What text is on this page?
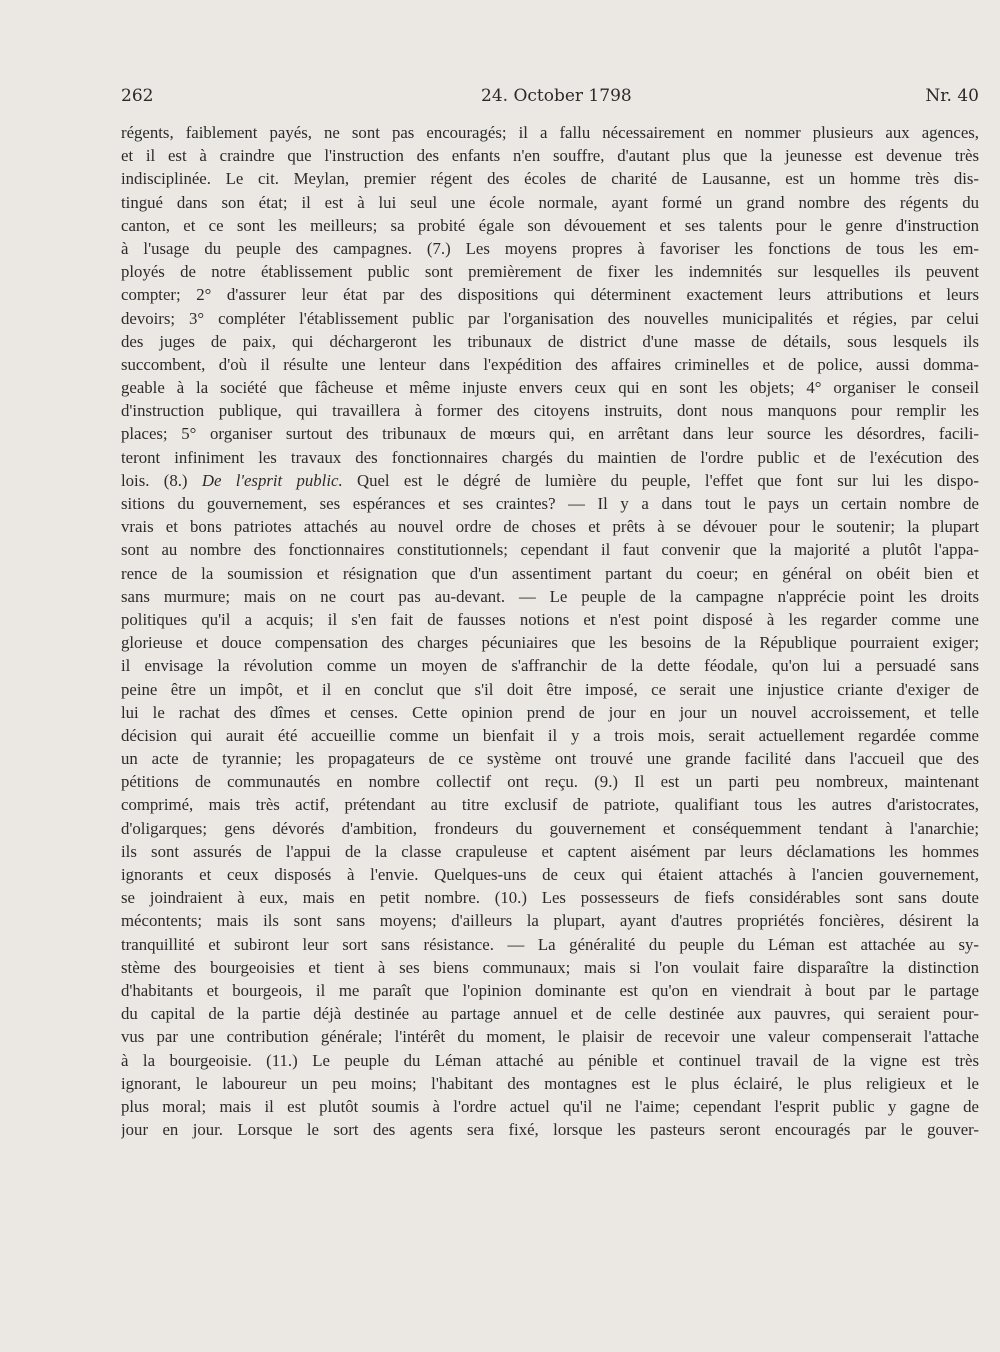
262	24. October 1798	Nr. 40
régents, faiblement payés, ne sont pas encouragés; il a fallu nécessairement en nommer plusieurs aux agences,
et il est à craindre que l'instruction des enfants n'en souffre, d'autant plus que la jeunesse est devenue très
indisciplinée. Le cit. Meylan, premier régent des écoles de charité de Lausanne, est un homme très dis-
tingué dans son état; il est à lui seul une école normale, ayant formé un grand nombre des régents du
canton, et ce sont les meilleurs; sa probité égale son dévouement et ses talents pour le genre d'instruction
à l'usage du peuple des campagnes. (7.) Les moyens propres à favoriser les fonctions de tous les em-
ployés de notre établissement public sont premièrement de fixer les indemnités sur lesquelles ils peuvent
compter; 2° d'assurer leur état par des dispositions qui déterminent exactement leurs attributions et leurs
devoirs; 3° compléter l'établissement public par l'organisation des nouvelles municipalités et régies, par celui
des juges de paix, qui déchargeront les tribunaux de district d'une masse de détails, sous lesquels ils
succombent, d'où il résulte une lenteur dans l'expédition des affaires criminelles et de police, aussi domma-
geable à la société que fâcheuse et même injuste envers ceux qui en sont les objets; 4° organiser le conseil
d'instruction publique, qui travaillera à former des citoyens instruits, dont nous manquons pour remplir les
places; 5° organiser surtout des tribunaux de mœurs qui, en arrêtant dans leur source les désordres, facili-
teront infiniment les travaux des fonctionnaires chargés du maintien de l'ordre public et de l'exécution des
lois. (8.) De l'esprit public. Quel est le dégré de lumière du peuple, l'effet que font sur lui les dispo-
sitions du gouvernement, ses espérances et ses craintes? — Il y a dans tout le pays un certain nombre de
vrais et bons patriotes attachés au nouvel ordre de choses et prêts à se dévouer pour le soutenir; la plupart
sont au nombre des fonctionnaires constitutionnels; cependant il faut convenir que la majorité a plutôt l'appa-
rence de la soumission et résignation que d'un assentiment partant du coeur; en général on obéit bien et
sans murmure; mais on ne court pas au-devant. — Le peuple de la campagne n'apprécie point les droits
politiques qu'il a acquis; il s'en fait de fausses notions et n'est point disposé à les regarder comme une
glorieuse et douce compensation des charges pécuniaires que les besoins de la République pourraient exiger;
il envisage la révolution comme un moyen de s'affranchir de la dette féodale, qu'on lui a persuadé sans
peine être un impôt, et il en conclut que s'il doit être imposé, ce serait une injustice criante d'exiger de
lui le rachat des dîmes et censes. Cette opinion prend de jour en jour un nouvel accroissement, et telle
décision qui aurait été accueillie comme un bienfait il y a trois mois, serait actuellement regardée comme
un acte de tyrannie; les propagateurs de ce système ont trouvé une grande facilité dans l'accueil que des
pétitions de communautés en nombre collectif ont reçu. (9.) Il est un parti peu nombreux, maintenant
comprimé, mais très actif, prétendant au titre exclusif de patriote, qualifiant tous les autres d'aristocrates,
d'oligarques; gens dévorés d'ambition, frondeurs du gouvernement et conséquemment tendant à l'anarchie;
ils sont assurés de l'appui de la classe crapuleuse et captent aisément par leurs déclamations les hommes
ignorants et ceux disposés à l'envie. Quelques-uns de ceux qui étaient attachés à l'ancien gouvernement,
se joindraient à eux, mais en petit nombre. (10.) Les possesseurs de fiefs considérables sont sans doute
mécontents; mais ils sont sans moyens; d'ailleurs la plupart, ayant d'autres propriétés foncières, désirent la
tranquillité et subiront leur sort sans résistance. — La généralité du peuple du Léman est attachée au sy-
stème des bourgeoisies et tient à ses biens communaux; mais si l'on voulait faire disparaître la distinction
d'habitants et bourgeois, il me paraît que l'opinion dominante est qu'on en viendrait à bout par le partage
du capital de la partie déjà destinée au partage annuel et de celle destinée aux pauvres, qui seraient pour-
vus par une contribution générale; l'intérêt du moment, le plaisir de recevoir une valeur compenserait l'attache
à la bourgeoisie. (11.) Le peuple du Léman attaché au pénible et continuel travail de la vigne est très
ignorant, le laboureur un peu moins; l'habitant des montagnes est le plus éclairé, le plus religieux et le
plus moral; mais il est plutôt soumis à l'ordre actuel qu'il ne l'aime; cependant l'esprit public y gagne de
jour en jour. Lorsque le sort des agents sera fixé, lorsque les pasteurs seront encouragés par le gouver-
